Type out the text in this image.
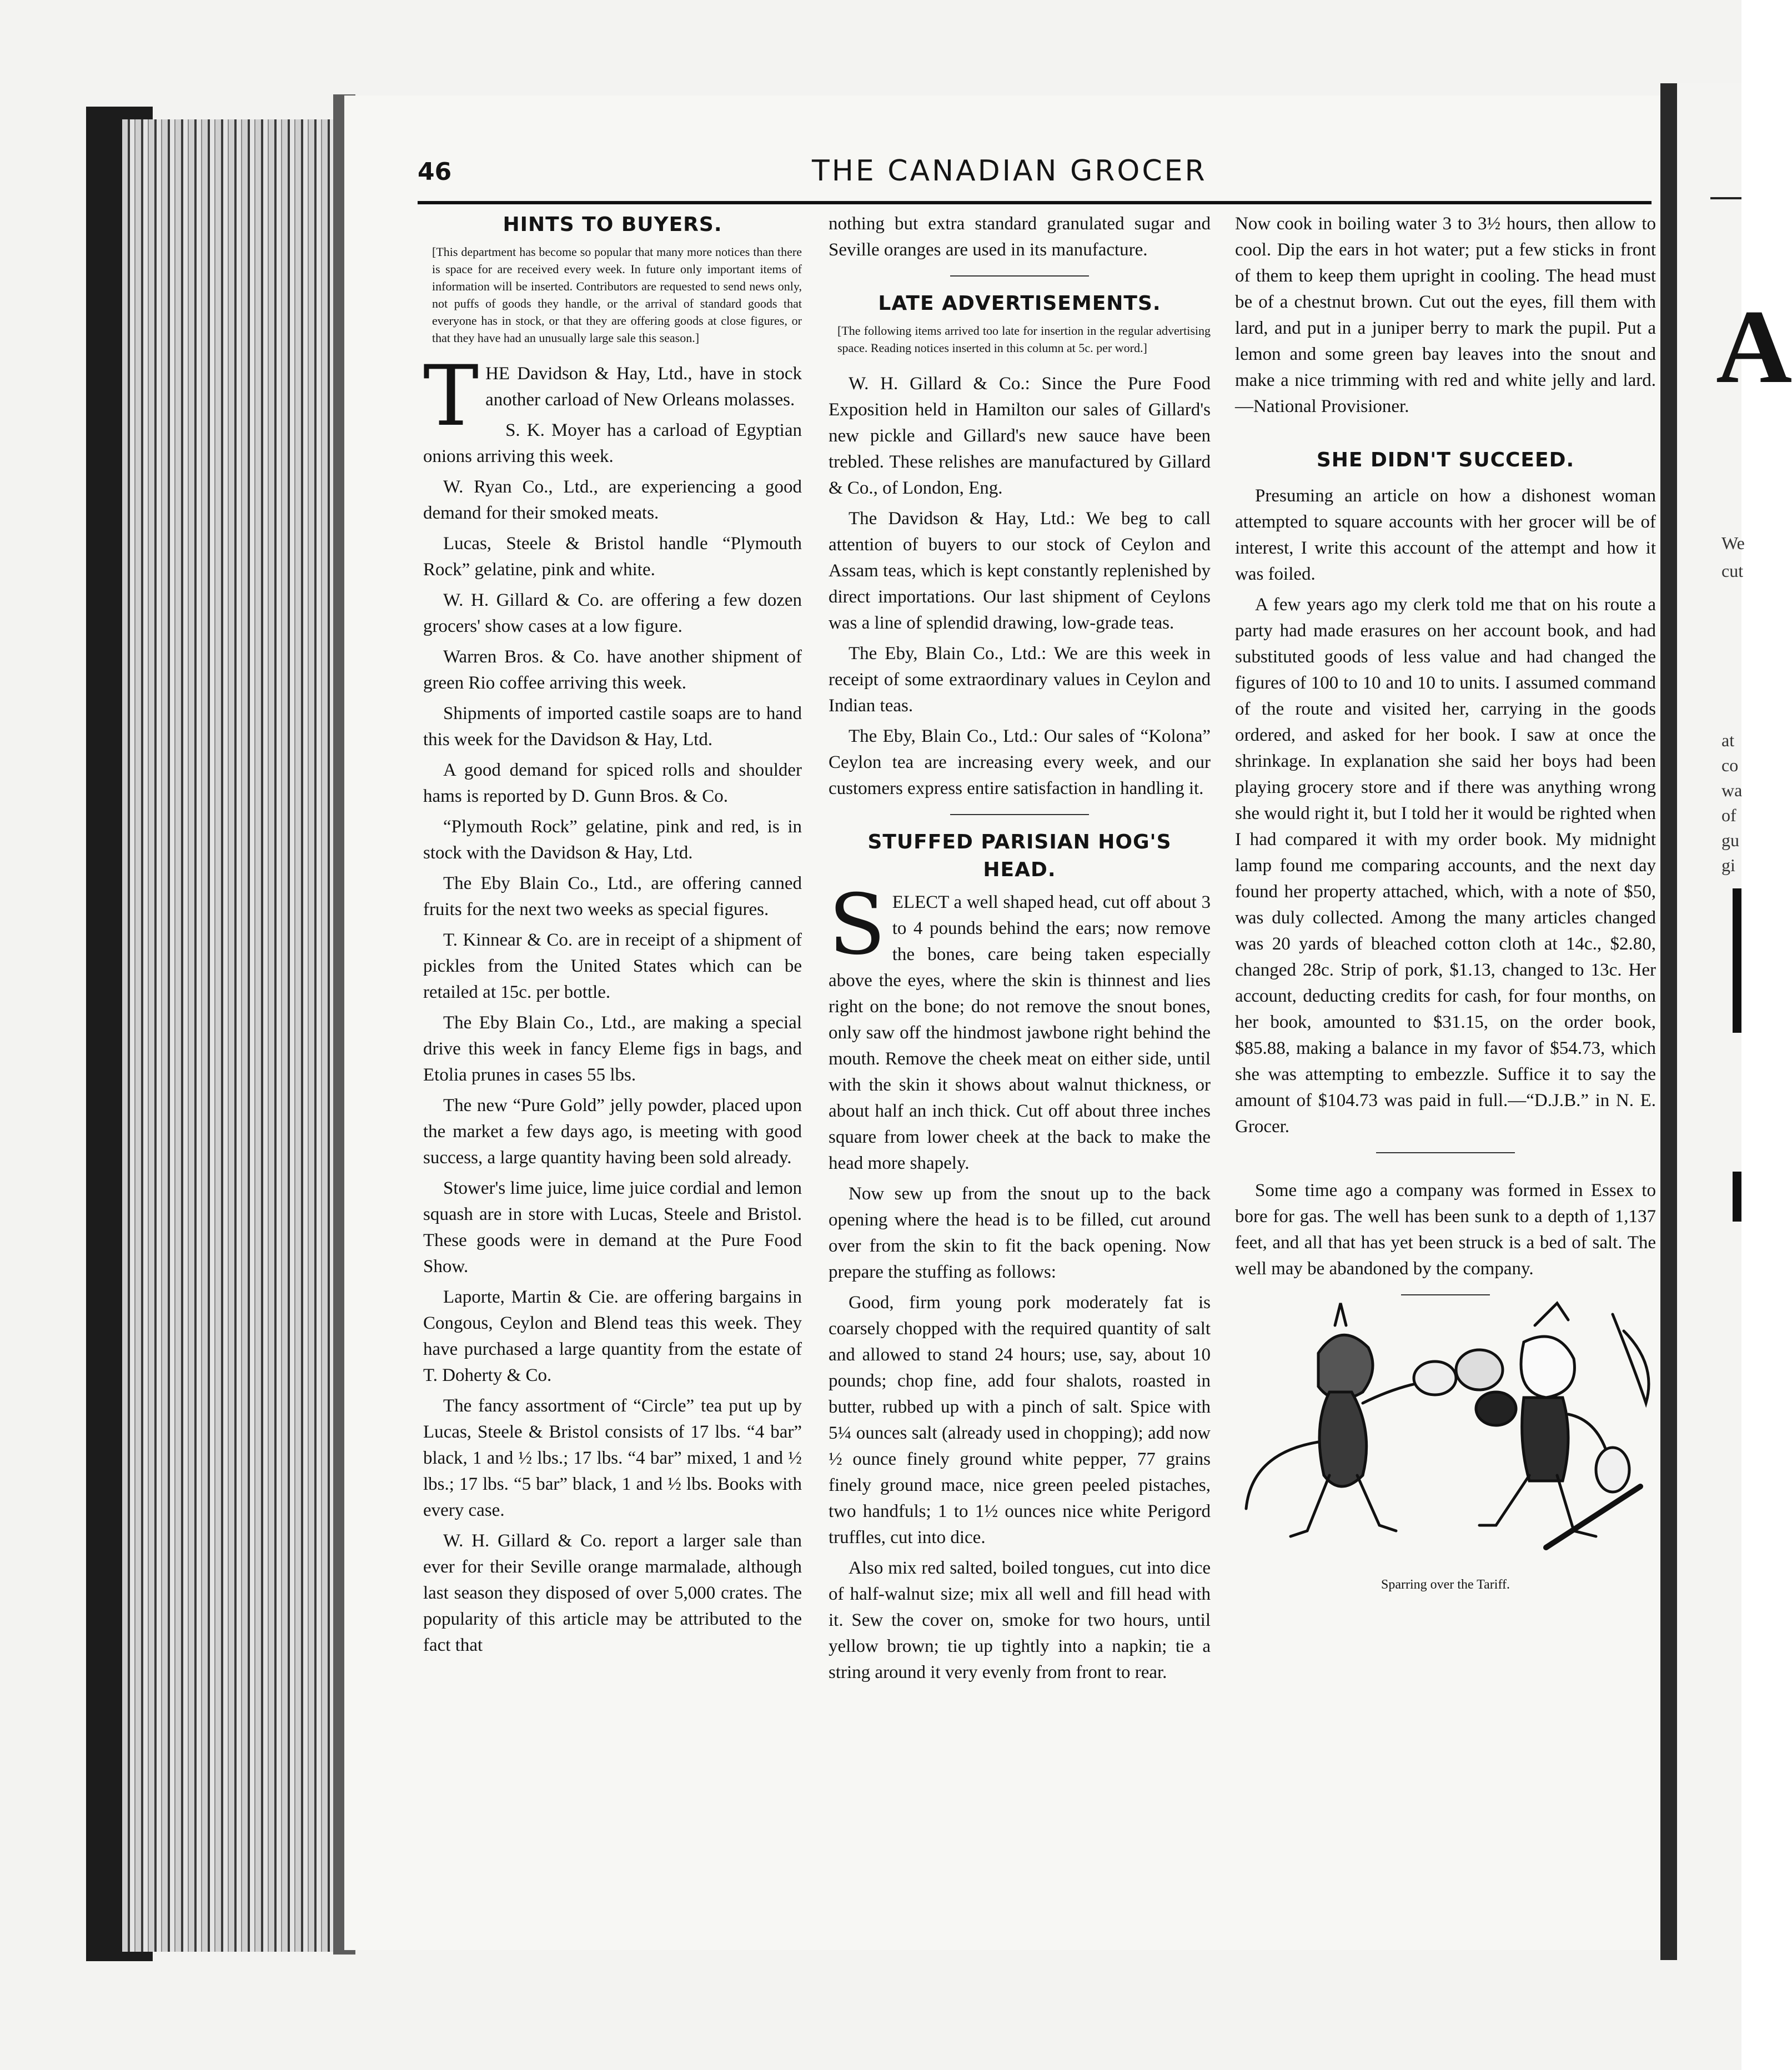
A
We
cut
at
co
wa
of
gu
gi
46	THE CANADIAN GROCER
HINTS TO BUYERS.
[This department has become so popular that many more notices than there is space for are received every week. In future only important items of information will be inserted. Contributors are requested to send news only, not puffs of goods they handle, or the arrival of standard goods that everyone has in stock, or that they are offering goods at close figures, or that they have had an unusually large sale this season.]

THE Davidson & Hay, Ltd., have in stock another carload of New Orleans molasses.

S. K. Moyer has a carload of Egyptian onions arriving this week.

W. Ryan Co., Ltd., are experiencing a good demand for their smoked meats.

Lucas, Steele & Bristol handle “Plymouth Rock” gelatine, pink and white.

W. H. Gillard & Co. are offering a few dozen grocers' show cases at a low figure.

Warren Bros. & Co. have another shipment of green Rio coffee arriving this week.

Shipments of imported castile soaps are to hand this week for the Davidson & Hay, Ltd.

A good demand for spiced rolls and shoulder hams is reported by D. Gunn Bros. & Co.

“Plymouth Rock” gelatine, pink and red, is in stock with the Davidson & Hay, Ltd.

The Eby Blain Co., Ltd., are offering canned fruits for the next two weeks as special figures.

T. Kinnear & Co. are in receipt of a shipment of pickles from the United States which can be retailed at 15c. per bottle.

The Eby Blain Co., Ltd., are making a special drive this week in fancy Eleme figs in bags, and Etolia prunes in cases 55 lbs.

The new “Pure Gold” jelly powder, placed upon the market a few days ago, is meeting with good success, a large quantity having been sold already.

Stower's lime juice, lime juice cordial and lemon squash are in store with Lucas, Steele and Bristol. These goods were in demand at the Pure Food Show.

Laporte, Martin & Cie. are offering bargains in Congous, Ceylon and Blend teas this week. They have purchased a large quantity from the estate of T. Doherty & Co.

The fancy assortment of “Circle” tea put up by Lucas, Steele & Bristol consists of 17 lbs. “4 bar” black, 1 and ½ lbs.; 17 lbs. “4 bar” mixed, 1 and ½ lbs.; 17 lbs. “5 bar” black, 1 and ½ lbs. Books with every case.

W. H. Gillard & Co. report a larger sale than ever for their Seville orange marmalade, although last season they disposed of over 5,000 crates. The popularity of this article may be attributed to the fact that

nothing but extra standard granulated sugar and Seville oranges are used in its manufacture.

LATE ADVERTISEMENTS.
[The following items arrived too late for insertion in the regular advertising space. Reading notices inserted in this column at 5c. per word.]

W. H. Gillard & Co.: Since the Pure Food Exposition held in Hamilton our sales of Gillard's new pickle and Gillard's new sauce have been trebled. These relishes are manufactured by Gillard & Co., of London, Eng.

The Davidson & Hay, Ltd.: We beg to call attention of buyers to our stock of Ceylon and Assam teas, which is kept constantly replenished by direct importations. Our last shipment of Ceylons was a line of splendid drawing, low-grade teas.

The Eby, Blain Co., Ltd.: We are this week in receipt of some extraordinary values in Ceylon and Indian teas.

The Eby, Blain Co., Ltd.: Our sales of “Kolona” Ceylon tea are increasing every week, and our customers express entire satisfaction in handling it.

STUFFED PARISIAN HOG'S HEAD.

SELECT a well shaped head, cut off about 3 to 4 pounds behind the ears; now remove the bones, care being taken especially above the eyes, where the skin is thinnest and lies right on the bone; do not remove the snout bones, only saw off the hindmost jawbone right behind the mouth. Remove the cheek meat on either side, until with the skin it shows about walnut thickness, or about half an inch thick. Cut off about three inches square from lower cheek at the back to make the head more shapely.

Now sew up from the snout up to the back opening where the head is to be filled, cut around over from the skin to fit the back opening. Now prepare the stuffing as follows:

Good, firm young pork moderately fat is coarsely chopped with the required quantity of salt and allowed to stand 24 hours; use, say, about 10 pounds; chop fine, add four shalots, roasted in butter, rubbed up with a pinch of salt. Spice with 5¼ ounces salt (already used in chopping); add now ½ ounce finely ground white pepper, 77 grains finely ground mace, nice green peeled pistaches, two handfuls; 1 to 1½ ounces nice white Perigord truffles, cut into dice.

Also mix red salted, boiled tongues, cut into dice of half-walnut size; mix all well and fill head with it. Sew the cover on, smoke for two hours, until yellow brown; tie up tightly into a napkin; tie a string around it very evenly from front to rear.

Now cook in boiling water 3 to 3½ hours, then allow to cool. Dip the ears in hot water; put a few sticks in front of them to keep them upright in cooling. The head must be of a chestnut brown. Cut out the eyes, fill them with lard, and put in a juniper berry to mark the pupil. Put a lemon and some green bay leaves into the snout and make a nice trimming with red and white jelly and lard.—National Provisioner.

SHE DIDN'T SUCCEED.

Presuming an article on how a dishonest woman attempted to square accounts with her grocer will be of interest, I write this account of the attempt and how it was foiled.

A few years ago my clerk told me that on his route a party had made erasures on her account book, and had substituted goods of less value and had changed the figures of 100 to 10 and 10 to units. I assumed command of the route and visited her, carrying in the goods ordered, and asked for her book. I saw at once the shrinkage. In explanation she said her boys had been playing grocery store and if there was anything wrong she would right it, but I told her it would be righted when I had compared it with my order book. My midnight lamp found me comparing accounts, and the next day found her property attached, which, with a note of $50, was duly collected. Among the many articles changed was 20 yards of bleached cotton cloth at 14c., $2.80, changed 28c. Strip of pork, $1.13, changed to 13c. Her account, deducting credits for cash, for four months, on her book, amounted to $31.15, on the order book, $85.88, making a balance in my favor of $54.73, which she was attempting to embezzle. Suffice it to say the amount of $104.73 was paid in full.—“D.J.B.” in N. E. Grocer.

Some time ago a company was formed in Essex to bore for gas. The well has been sunk to a depth of 1,137 feet, and all that has yet been struck is a bed of salt. The well may be abandoned by the company.

Sparring over the Tariff.
